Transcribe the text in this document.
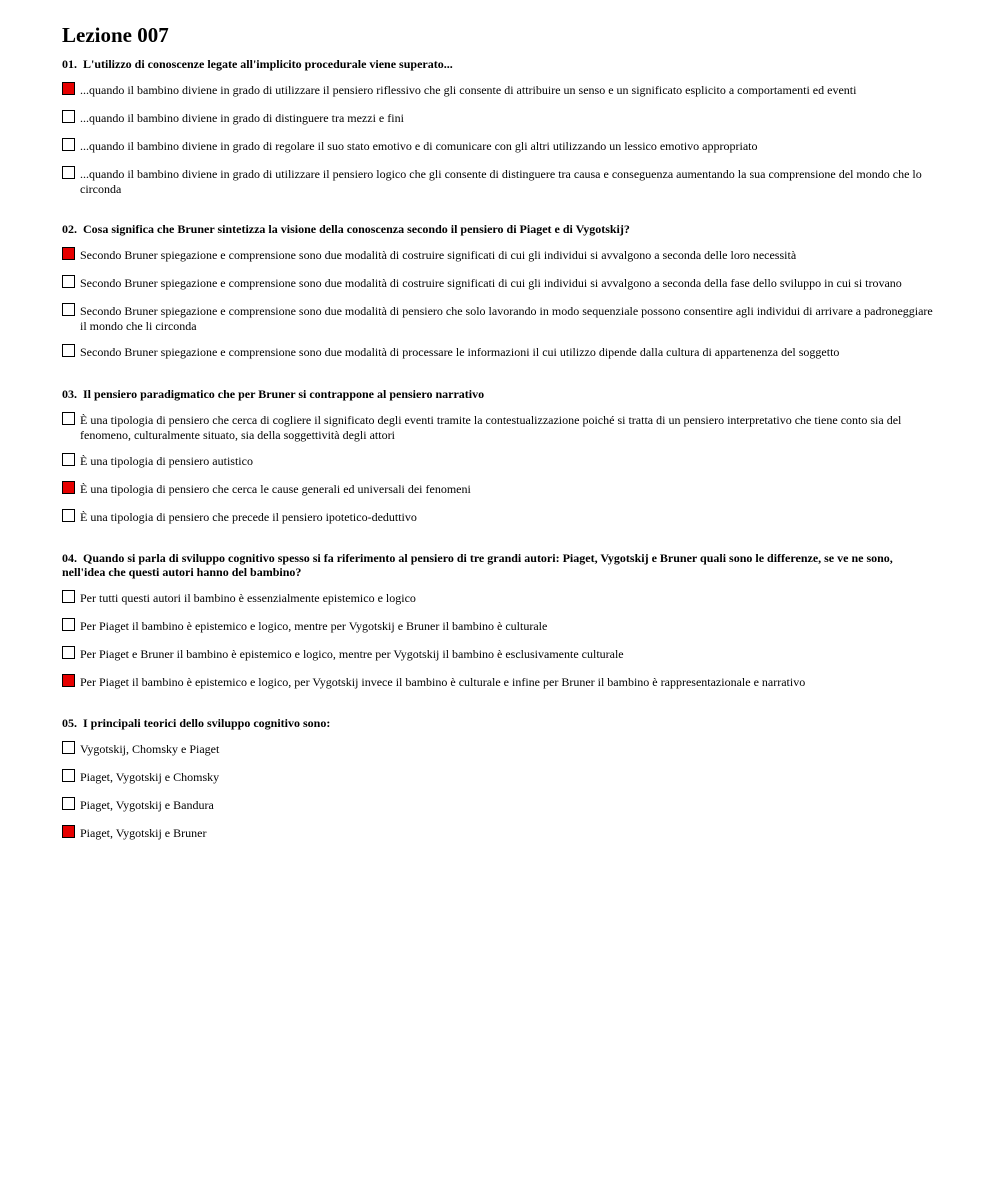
Lezione 007
01. L'utilizzo di conoscenze legate all'implicito procedurale viene superato...
...quando il bambino diviene in grado di utilizzare il pensiero riflessivo che gli consente di attribuire un senso e un significato esplicito a comportamenti ed eventi
...quando il bambino diviene in grado di distinguere tra mezzi e fini
...quando il bambino diviene in grado di regolare il suo stato emotivo e di comunicare con gli altri utilizzando un lessico emotivo appropriato
...quando il bambino diviene in grado di utilizzare il pensiero logico che gli consente di distinguere tra causa e conseguenza aumentando la sua comprensione del mondo che lo circonda
02. Cosa significa che Bruner sintetizza la visione della conoscenza secondo il pensiero di Piaget e di Vygotskij?
Secondo Bruner spiegazione e comprensione sono due modalità di costruire significati di cui gli individui si avvalgono a seconda delle loro necessità
Secondo Bruner spiegazione e comprensione sono due modalità di costruire significati di cui gli individui si avvalgono a seconda della fase dello sviluppo in cui si trovano
Secondo Bruner spiegazione e comprensione sono due modalità di pensiero che solo lavorando in modo sequenziale possono consentire agli individui di arrivare a padroneggiare il mondo che li circonda
Secondo Bruner spiegazione e comprensione sono due modalità di processare le informazioni il cui utilizzo dipende dalla cultura di appartenenza del soggetto
03. Il pensiero paradigmatico che per Bruner si contrappone al pensiero narrativo
È una tipologia di pensiero che cerca di cogliere il significato degli eventi tramite la contestualizzazione poiché si tratta di un pensiero interpretativo che tiene conto sia del fenomeno, culturalmente situato, sia della soggettività degli attori
È una tipologia di pensiero autistico
È una tipologia di pensiero che cerca le cause generali ed universali dei fenomeni
È una tipologia di pensiero che precede il pensiero ipotetico-deduttivo
04. Quando si parla di sviluppo cognitivo spesso si fa riferimento al pensiero di tre grandi autori: Piaget, Vygotskij e Bruner quali sono le differenze, se ve ne sono, nell'idea che questi autori hanno del bambino?
Per tutti questi autori il bambino è essenzialmente epistemico e logico
Per Piaget il bambino è epistemico e logico, mentre per Vygotskij e Bruner il bambino è culturale
Per Piaget e Bruner il bambino è epistemico e logico, mentre per Vygotskij il bambino è esclusivamente culturale
Per Piaget il bambino è epistemico e logico, per Vygotskij invece il bambino è culturale e infine per Bruner il bambino è rappresentazionale e narrativo
05. I principali teorici dello sviluppo cognitivo sono:
Vygotskij, Chomsky e Piaget
Piaget, Vygotskij e Chomsky
Piaget, Vygotskij e Bandura
Piaget, Vygotskij e Bruner
